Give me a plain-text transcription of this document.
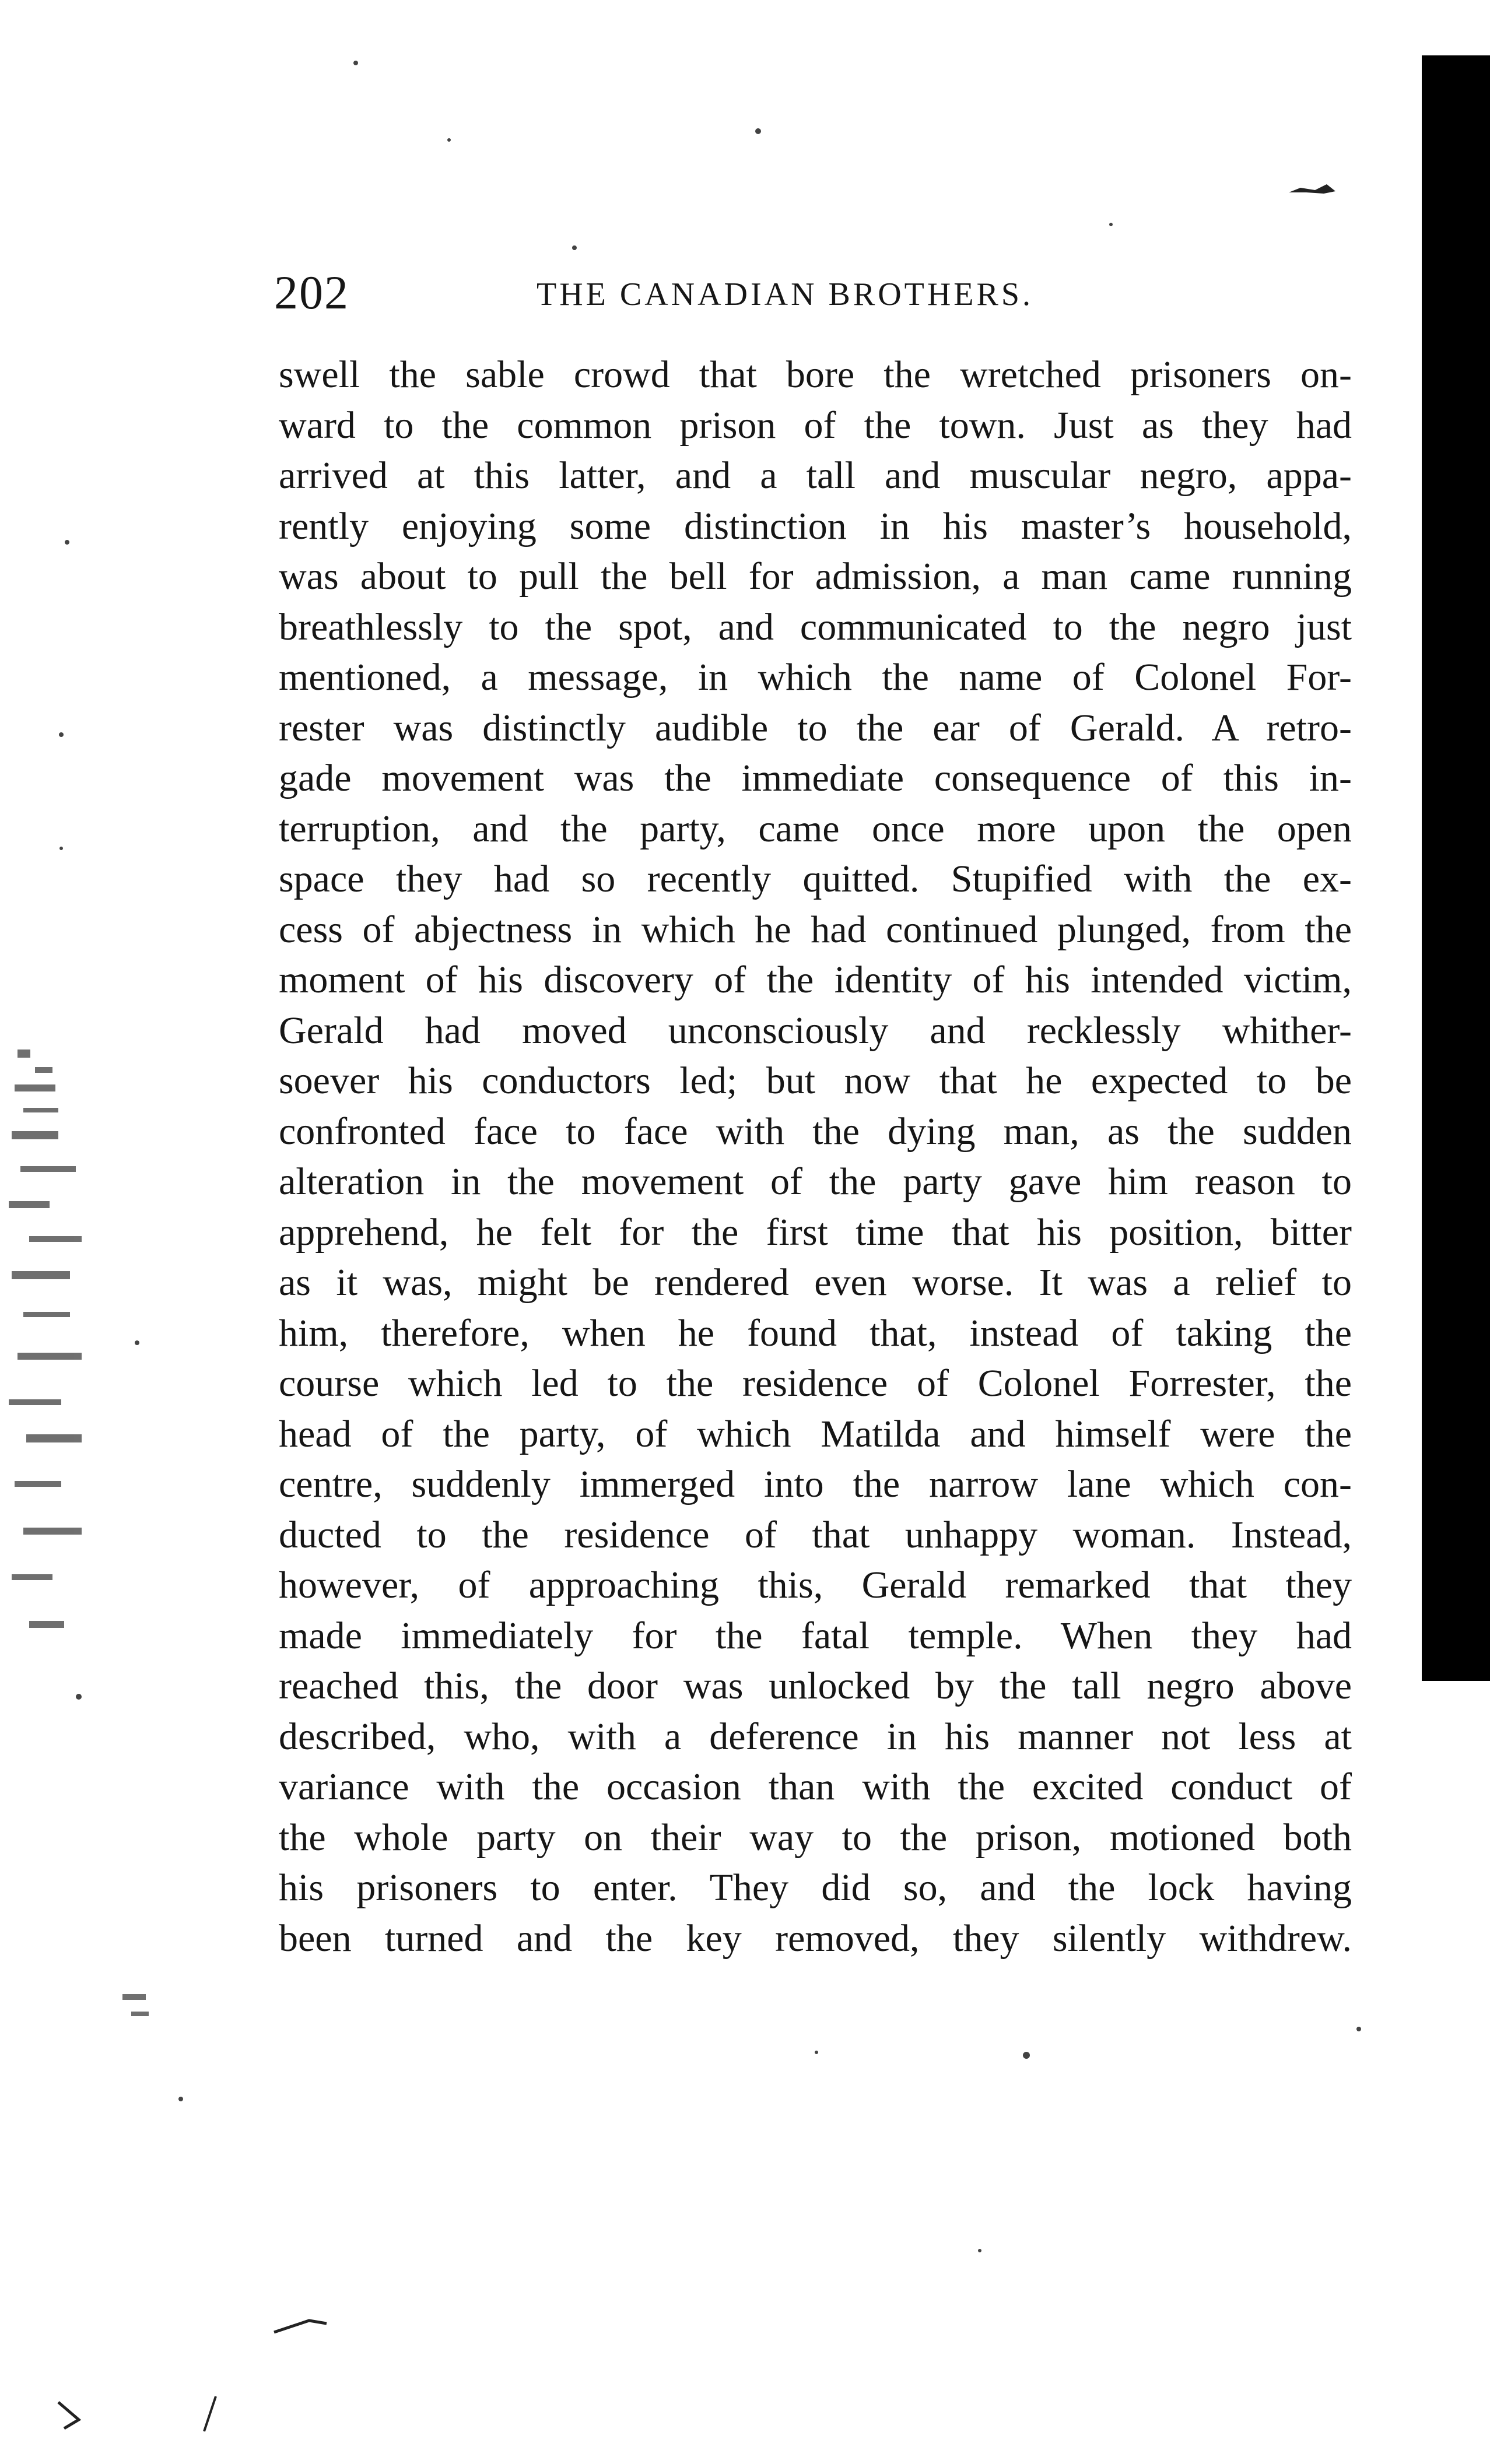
202	THE CANADIAN BROTHERS.
swell the sable crowd that bore the wretched prisoners on-
ward to the common prison of the town. Just as they had
arrived at this latter, and a tall and muscular negro, appa-
rently enjoying some distinction in his master’s household,
was about to pull the bell for admission, a man came running
breathlessly to the spot, and communicated to the negro just
mentioned, a message, in which the name of Colonel For-
rester was distinctly audible to the ear of Gerald. A retro-
gade movement was the immediate consequence of this in-
terruption, and the party, came once more upon the open
space they had so recently quitted. Stupified with the ex-
cess of abjectness in which he had continued plunged, from the
moment of his discovery of the identity of his intended victim,
Gerald had moved unconsciously and recklessly whither-
soever his conductors led; but now that he expected to be
confronted face to face with the dying man, as the sudden
alteration in the movement of the party gave him reason to
apprehend, he felt for the first time that his position, bitter
as it was, might be rendered even worse. It was a relief to
him, therefore, when he found that, instead of taking the
course which led to the residence of Colonel Forrester, the
head of the party, of which Matilda and himself were the
centre, suddenly immerged into the narrow lane which con-
ducted to the residence of that unhappy woman. Instead,
however, of approaching this, Gerald remarked that they
made immediately for the fatal temple. When they had
reached this, the door was unlocked by the tall negro above
described, who, with a deference in his manner not less at
variance with the occasion than with the excited conduct of
the whole party on their way to the prison, motioned both
his prisoners to enter. They did so, and the lock having
been turned and the key removed, they silently withdrew.
